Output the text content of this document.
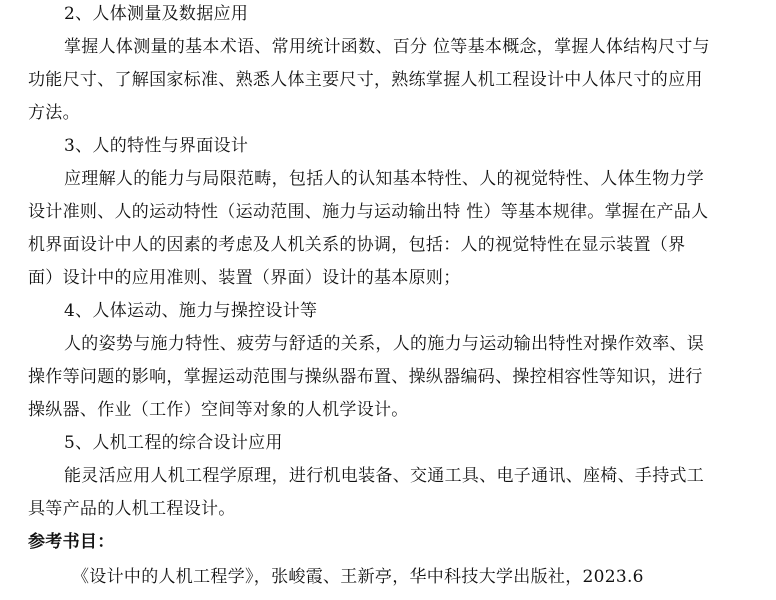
2、人体测量及数据应用
掌握人体测量的基本术语、常用统计函数、百分 位等基本概念，掌握人体结构尺寸与
功能尺寸、了解国家标准、熟悉人体主要尺寸，熟练掌握人机工程设计中人体尺寸的应用
方法。
3、人的特性与界面设计
应理解人的能力与局限范畴，包括人的认知基本特性、人的视觉特性、人体生物力学
设计准则、人的运动特性（运动范围、施力与运动输出特 性）等基本规律。掌握在产品人
机界面设计中人的因素的考虑及人机关系的协调，包括：人的视觉特性在显示装置（界
面）设计中的应用准则、装置（界面）设计的基本原则；
4、人体运动、施力与操控设计等
人的姿势与施力特性、疲劳与舒适的关系，人的施力与运动输出特性对操作效率、误
操作等问题的影响，掌握运动范围与操纵器布置、操纵器编码、操控相容性等知识，进行
操纵器、作业（工作）空间等对象的人机学设计。
5、人机工程的综合设计应用
能灵活应用人机工程学原理，进行机电装备、交通工具、电子通讯、座椅、手持式工
具等产品的人机工程设计。
参考书目：
《设计中的人机工程学》，张峻霞、王新亭，华中科技大学出版社，2023.6
